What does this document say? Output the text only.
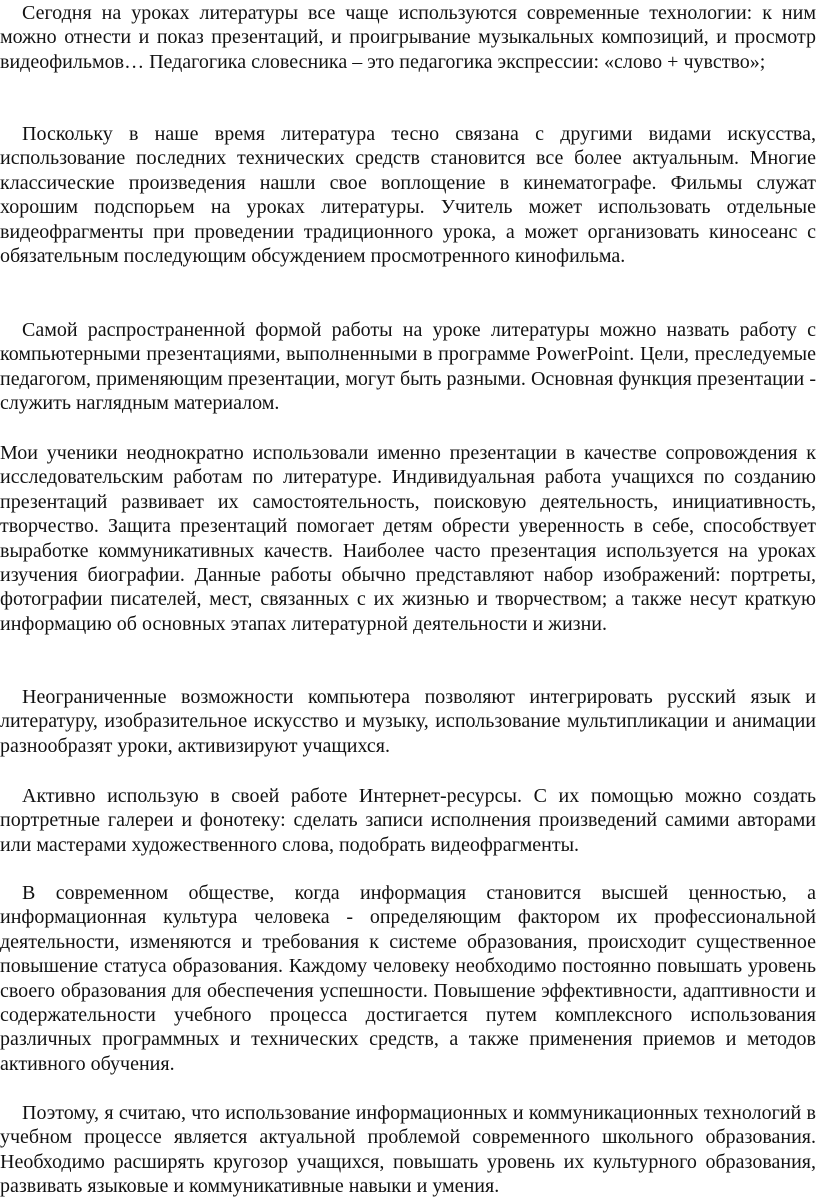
Сегодня на уроках литературы все чаще используются современные технологии: к ним можно отнести и показ презентаций, и проигрывание музыкальных композиций, и просмотр видеофильмов… Педагогика словесника – это педагогика экспрессии: «слово + чувство»;

Поскольку в наше время литература тесно связана с другими видами искусства, использование последних технических средств становится все более актуальным. Многие классические произведения нашли свое воплощение в кинематографе. Фильмы служат хорошим подспорьем на уроках литературы. Учитель может использовать отдельные видеофрагменты при проведении традиционного урока, а может организовать киносеанс с обязательным последующим обсуждением просмотренного кинофильма.

Самой распространенной формой работы на уроке литературы можно назвать работу с компьютерными презентациями, выполненными в программе PowerPoint. Цели, преследуемые педагогом, применяющим презентации, могут быть разными. Основная функция презентации - служить наглядным материалом.

Мои ученики неоднократно использовали именно презентации в качестве сопровождения к исследовательским работам по литературе. Индивидуальная работа учащихся по созданию презентаций развивает их самостоятельность, поисковую деятельность, инициативность, творчество. Защита презентаций помогает детям обрести уверенность в себе, способствует выработке коммуникативных качеств. Наиболее часто презентация используется на уроках изучения биографии. Данные работы обычно представляют набор изображений: портреты, фотографии писателей, мест, связанных с их жизнью и творчеством; а также несут краткую информацию об основных этапах литературной деятельности и жизни.

Неограниченные возможности компьютера позволяют интегрировать русский язык и литературу, изобразительное искусство и музыку, использование мультипликации и анимации разнообразят уроки, активизируют учащихся.

Активно использую в своей работе Интернет-ресурсы. С их помощью можно создать портретные галереи и фонотеку: сделать записи исполнения произведений самими авторами или мастерами художественного слова, подобрать видеофрагменты.

В современном обществе, когда информация становится высшей ценностью, а информационная культура человека - определяющим фактором их профессиональной деятельности, изменяются и требования к системе образования, происходит существенное повышение статуса образования. Каждому человеку необходимо постоянно повышать уровень своего образования для обеспечения успешности. Повышение эффективности, адаптивности и содержательности учебного процесса достигается путем комплексного использования различных программных и технических средств, а также применения приемов и методов активного обучения.

Поэтому, я считаю, что использование информационных и коммуникационных технологий в учебном процессе является актуальной проблемой современного школьного образования. Необходимо расширять кругозор учащихся, повышать уровень их культурного образования, развивать языковые и коммуникативные навыки и умения.
